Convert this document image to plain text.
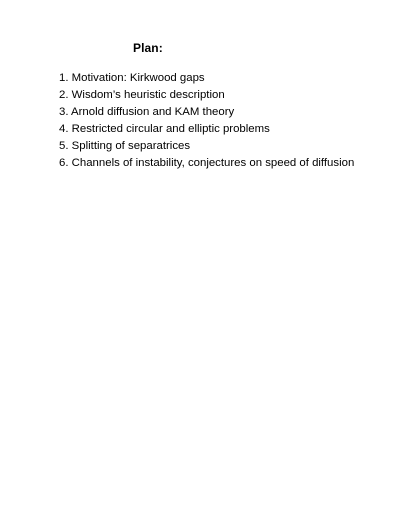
Plan:
1. Motivation: Kirkwood gaps
2. Wisdom’s heuristic description
3. Arnold diffusion and KAM theory
4. Restricted circular and elliptic problems
5. Splitting of separatrices
6. Channels of instability, conjectures on speed of diffusion
